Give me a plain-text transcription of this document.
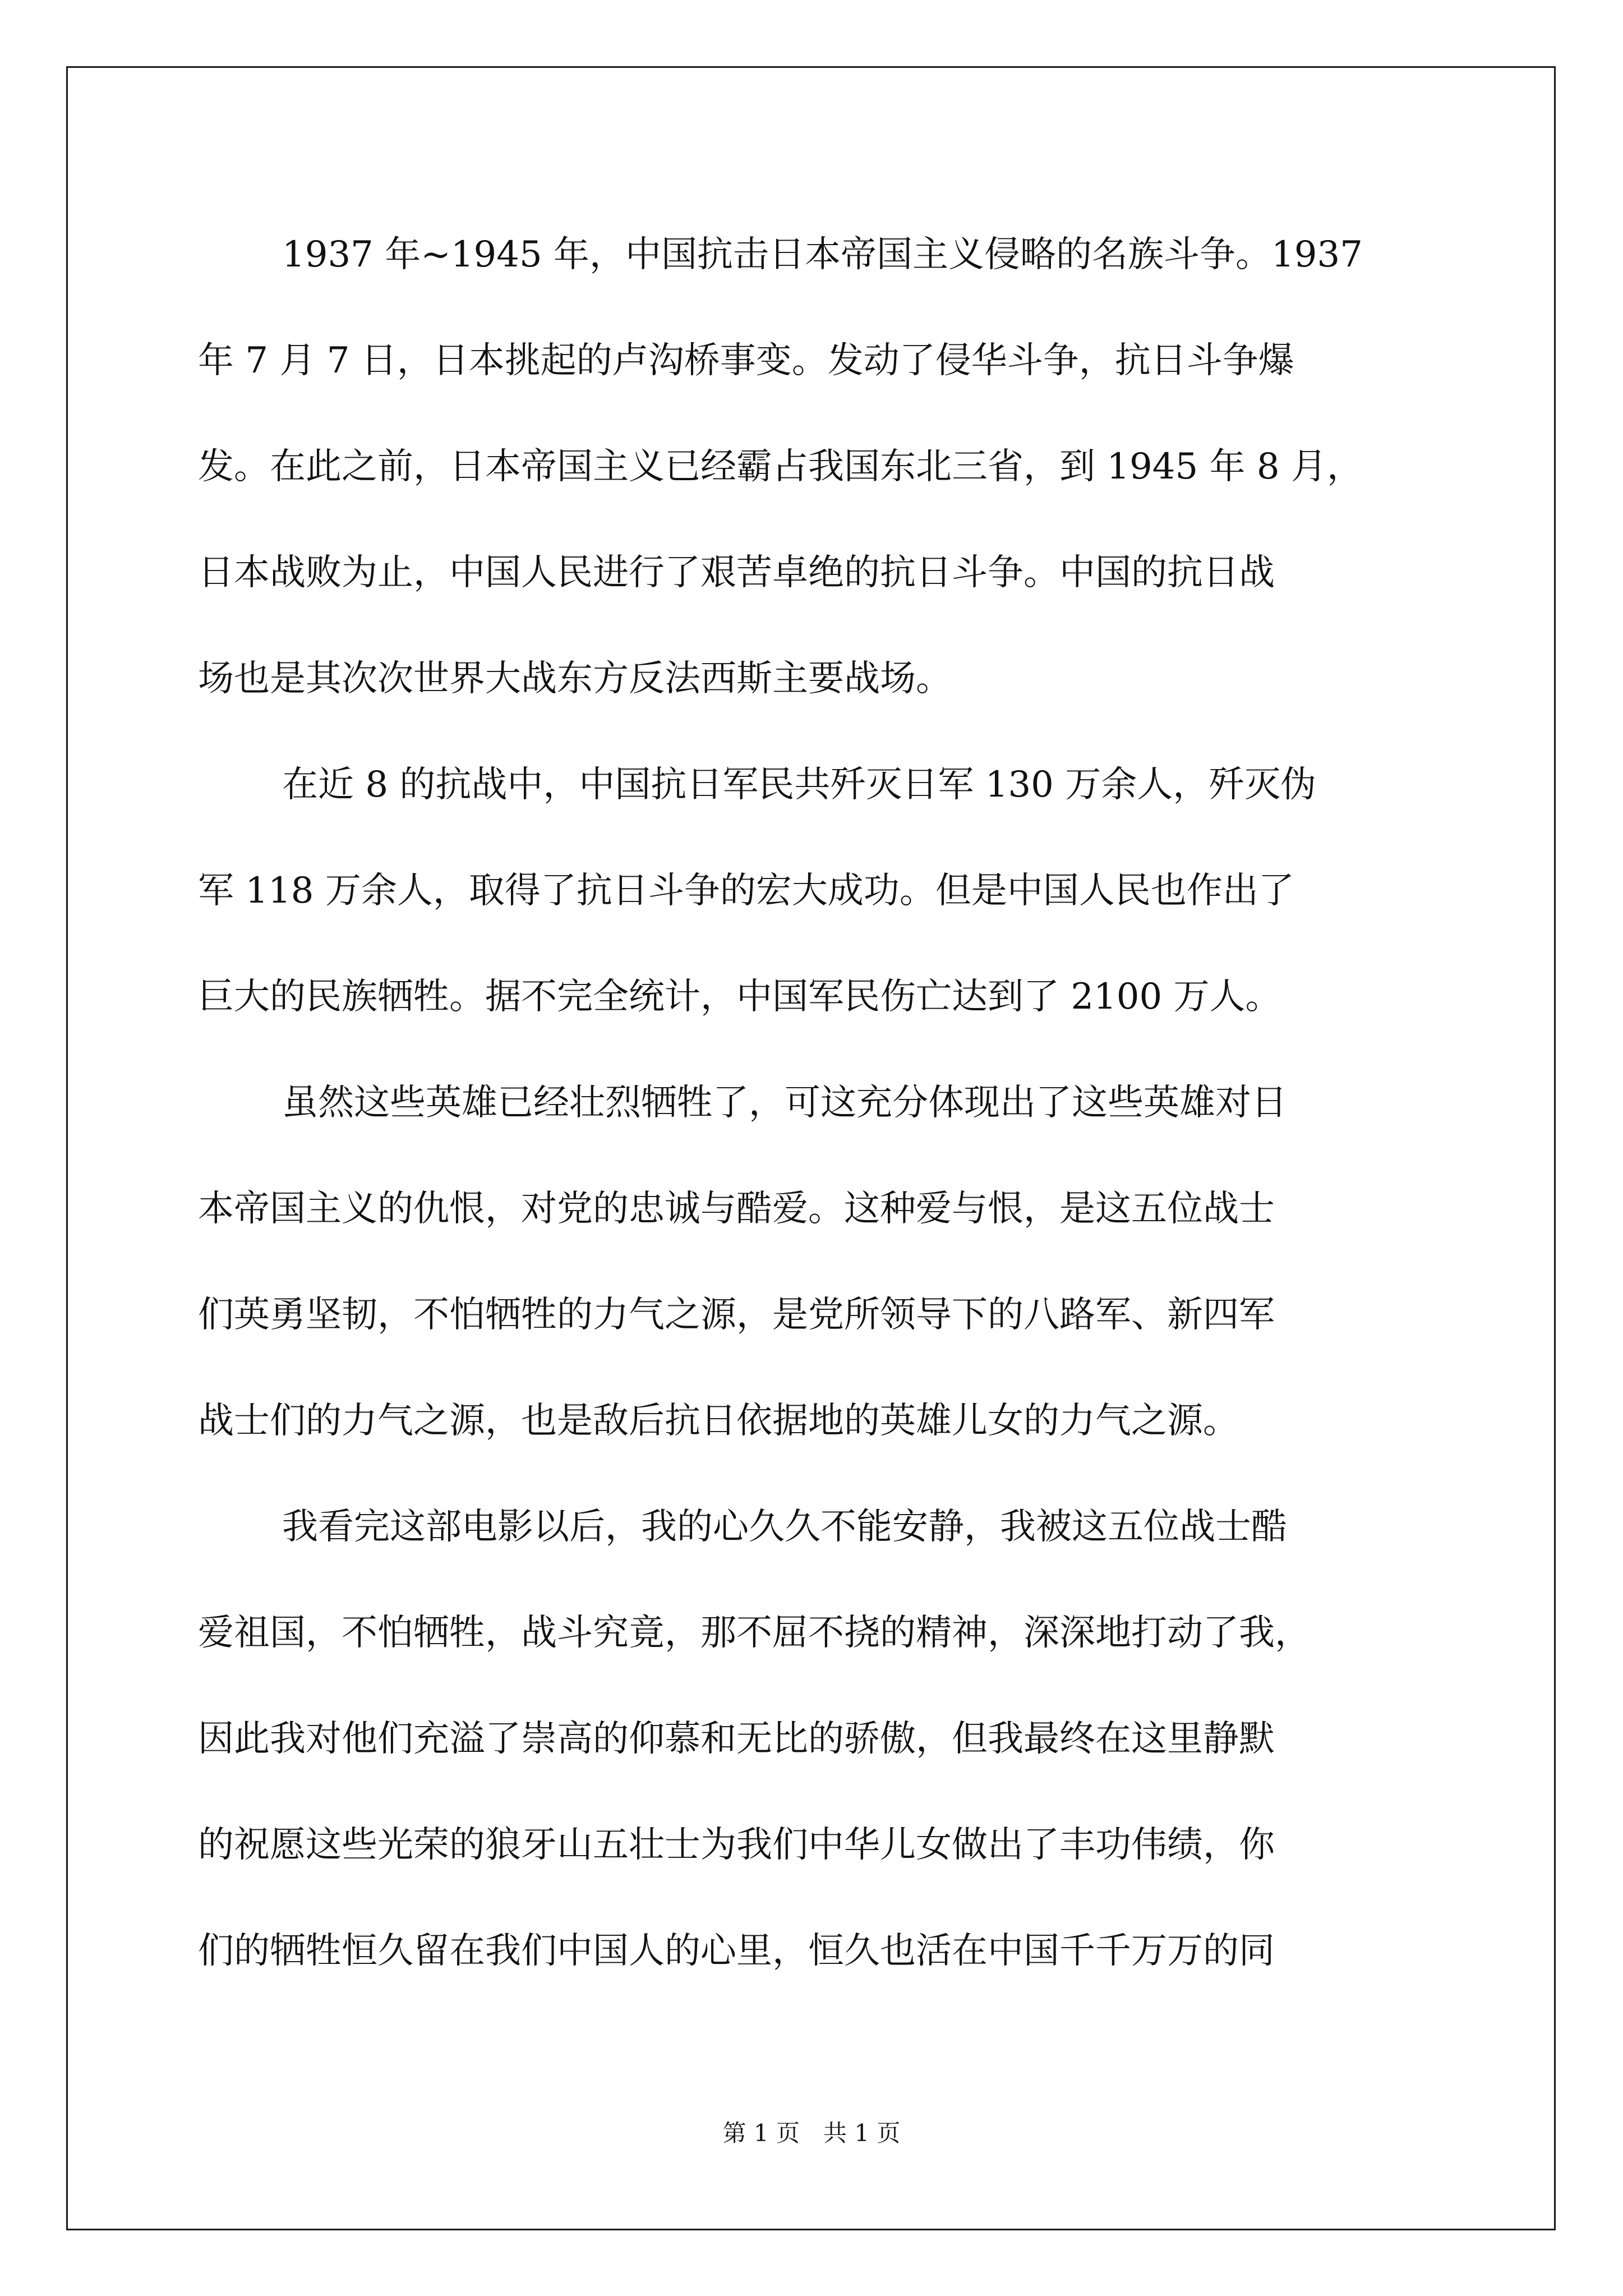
1937 年~1945 年，中国抗击日本帝国主义侵略的名族斗争。1937
年 7 月 7 日，日本挑起的卢沟桥事变。发动了侵华斗争，抗日斗争爆
发。在此之前，日本帝国主义已经霸占我国东北三省，到 1945 年 8 月，
日本战败为止，中国人民进行了艰苦卓绝的抗日斗争。中国的抗日战
场也是其次次世界大战东方反法西斯主要战场。
在近 8 的抗战中，中国抗日军民共歼灭日军 130 万余人，歼灭伪
军 118 万余人，取得了抗日斗争的宏大成功。但是中国人民也作出了
巨大的民族牺牲。据不完全统计，中国军民伤亡达到了 2100 万人。
虽然这些英雄已经壮烈牺牲了，可这充分体现出了这些英雄对日
本帝国主义的仇恨，对党的忠诚与酷爱。这种爱与恨，是这五位战士
们英勇坚韧，不怕牺牲的力气之源，是党所领导下的八路军、新四军
战士们的力气之源，也是敌后抗日依据地的英雄儿女的力气之源。
我看完这部电影以后，我的心久久不能安静，我被这五位战士酷
爱祖国，不怕牺牲，战斗究竟，那不屈不挠的精神，深深地打动了我，
因此我对他们充溢了崇高的仰慕和无比的骄傲，但我最终在这里静默
的祝愿这些光荣的狼牙山五壮士为我们中华儿女做出了丰功伟绩，你
们的牺牲恒久留在我们中国人的心里，恒久也活在中国千千万万的同
第 1 页　共 1 页
